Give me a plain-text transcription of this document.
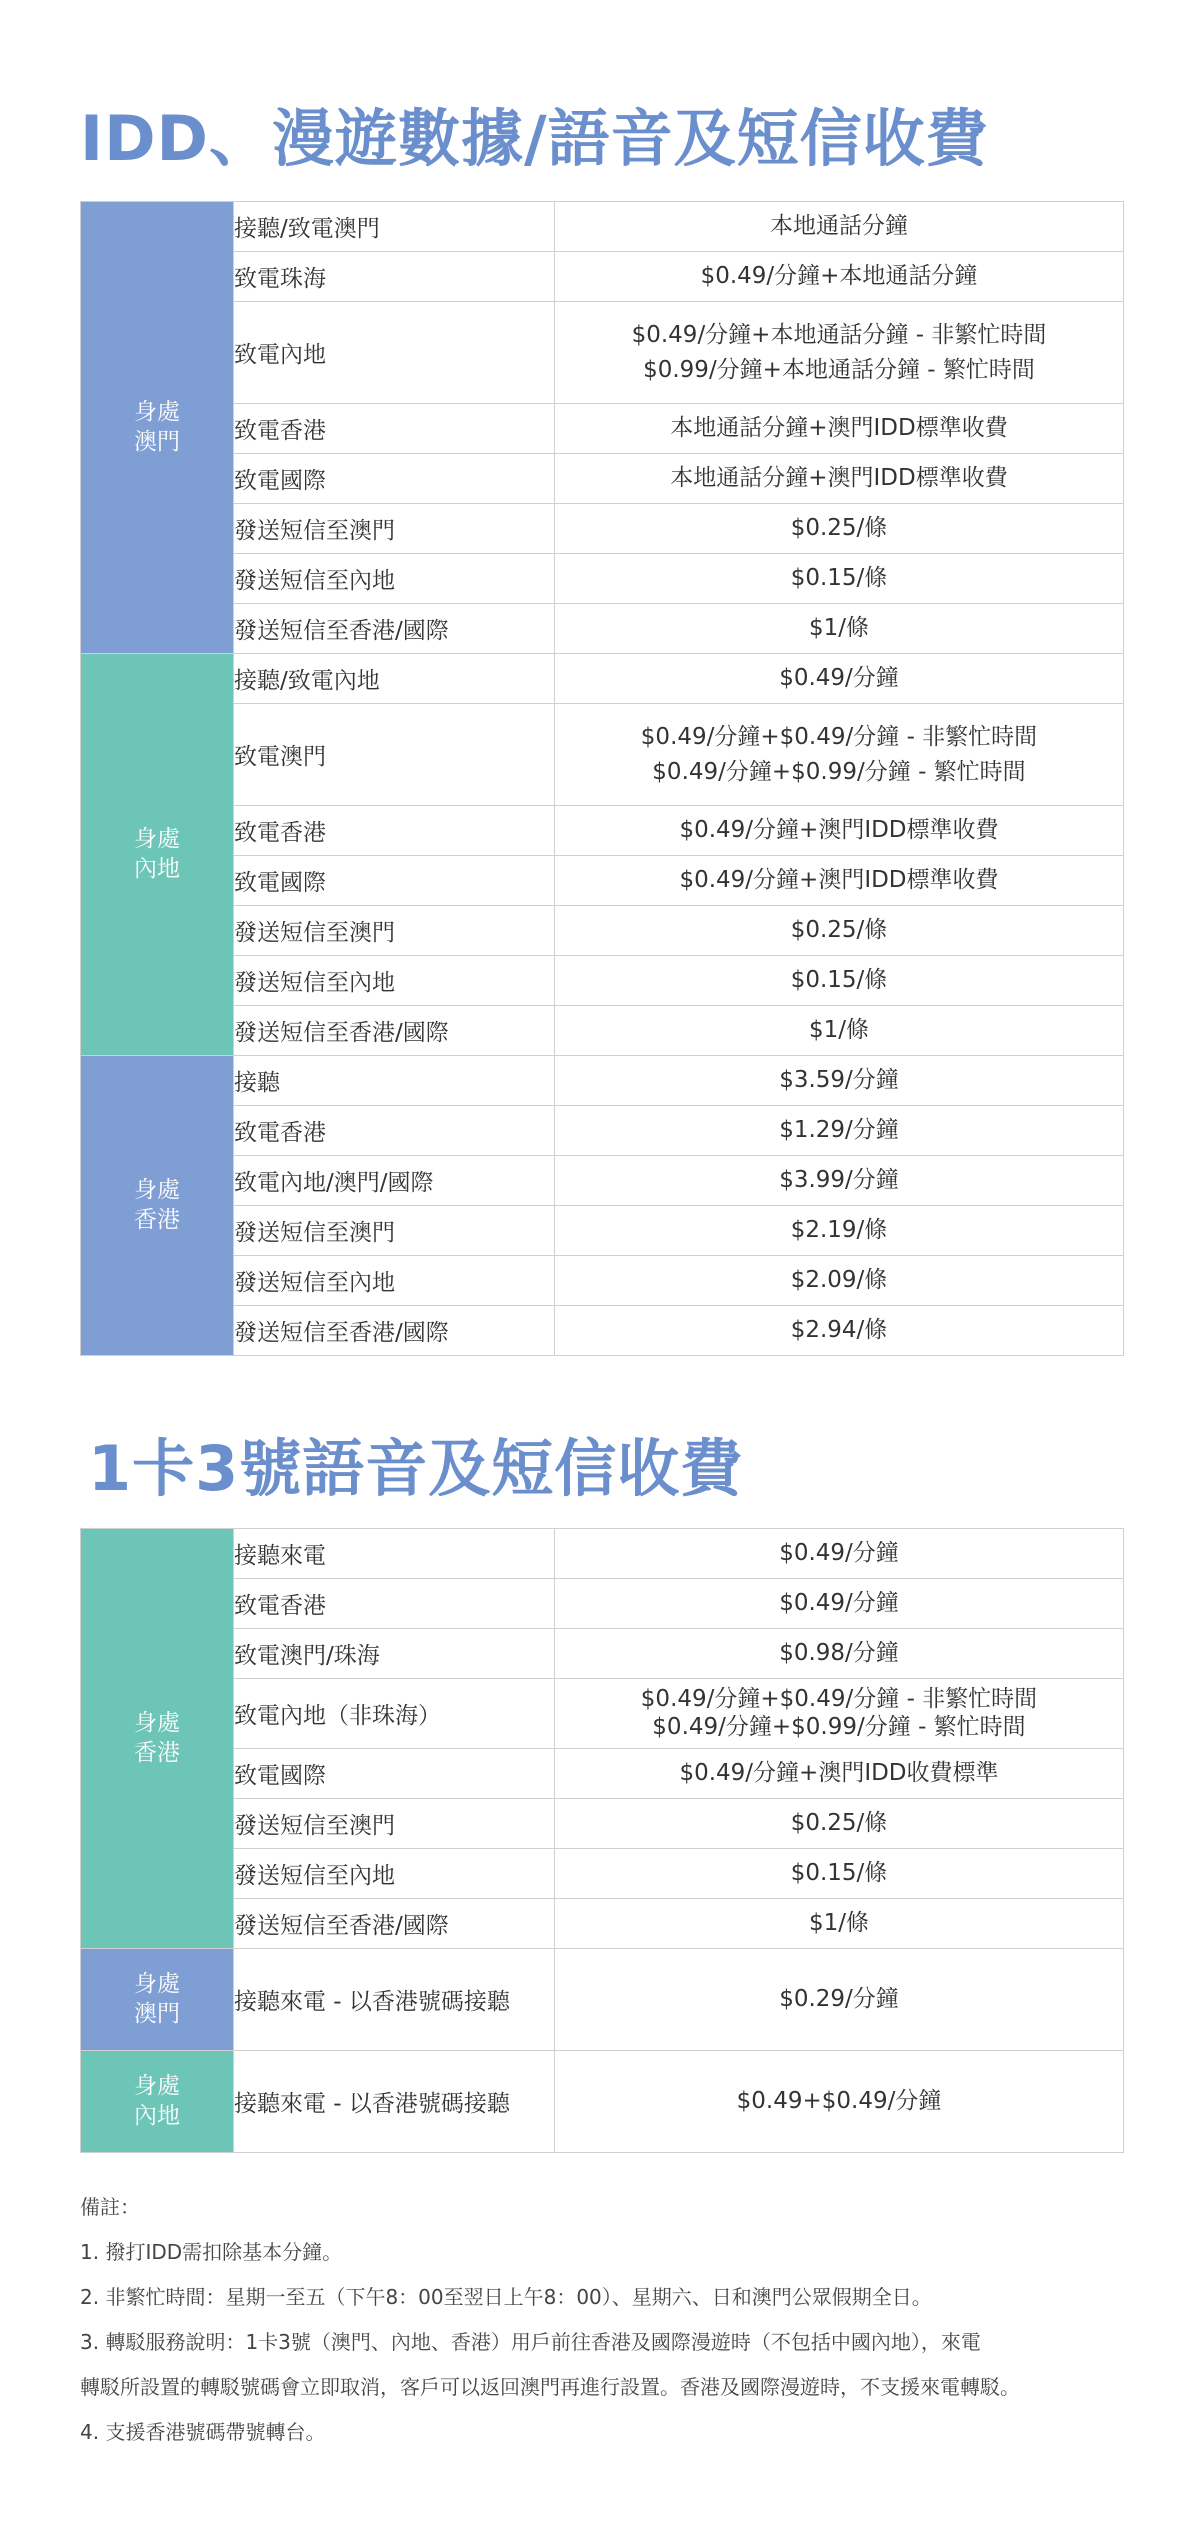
IDD、漫遊數據/語音及短信收費
身處
澳門	接聽/致電澳門	本地通話分鐘

	致電珠海	$0.49/分鐘+本地通話分鐘

	致電內地	$0.49/分鐘+本地通話分鐘 - 非繁忙時間
$0.99/分鐘+本地通話分鐘 - 繁忙時間

	致電香港	本地通話分鐘+澳門IDD標準收費

	致電國際	本地通話分鐘+澳門IDD標準收費

	發送短信至澳門	$0.25/條

	發送短信至內地	$0.15/條

	發送短信至香港/國際	$1/條

身處
內地	接聽/致電內地	$0.49/分鐘

	致電澳門	$0.49/分鐘+$0.49/分鐘 - 非繁忙時間
$0.49/分鐘+$0.99/分鐘 - 繁忙時間

	致電香港	$0.49/分鐘+澳門IDD標準收費

	致電國際	$0.49/分鐘+澳門IDD標準收費

	發送短信至澳門	$0.25/條

	發送短信至內地	$0.15/條

	發送短信至香港/國際	$1/條

身處
香港	接聽	$3.59/分鐘

	致電香港	$1.29/分鐘

	致電內地/澳門/國際	$3.99/分鐘

	發送短信至澳門	$2.19/條

	發送短信至內地	$2.09/條

	發送短信至香港/國際	$2.94/條
1卡3號語音及短信收費
身處
香港	接聽來電	$0.49/分鐘

	致電香港	$0.49/分鐘

	致電澳門/珠海	$0.98/分鐘

	致電內地（非珠海）	$0.49/分鐘+$0.49/分鐘 - 非繁忙時間
$0.49/分鐘+$0.99/分鐘 - 繁忙時間

	致電國際	$0.49/分鐘+澳門IDD收費標準

	發送短信至澳門	$0.25/條

	發送短信至內地	$0.15/條

	發送短信至香港/國際	$1/條

身處
澳門	接聽來電 - 以香港號碼接聽	$0.29/分鐘

身處
內地	接聽來電 - 以香港號碼接聽	$0.49+$0.49/分鐘
備註：
1. 撥打IDD需扣除基本分鐘。
2. 非繁忙時間：星期一至五（下午8：00至翌日上午8：00）、星期六、日和澳門公眾假期全日。
3. 轉駁服務說明：1卡3號（澳門、內地、香港）用戶前往香港及國際漫遊時（不包括中國內地），來電
轉駁所設置的轉駁號碼會立即取消，客戶可以返回澳門再進行設置。香港及國際漫遊時，不支援來電轉駁。
4. 支援香港號碼帶號轉台。
